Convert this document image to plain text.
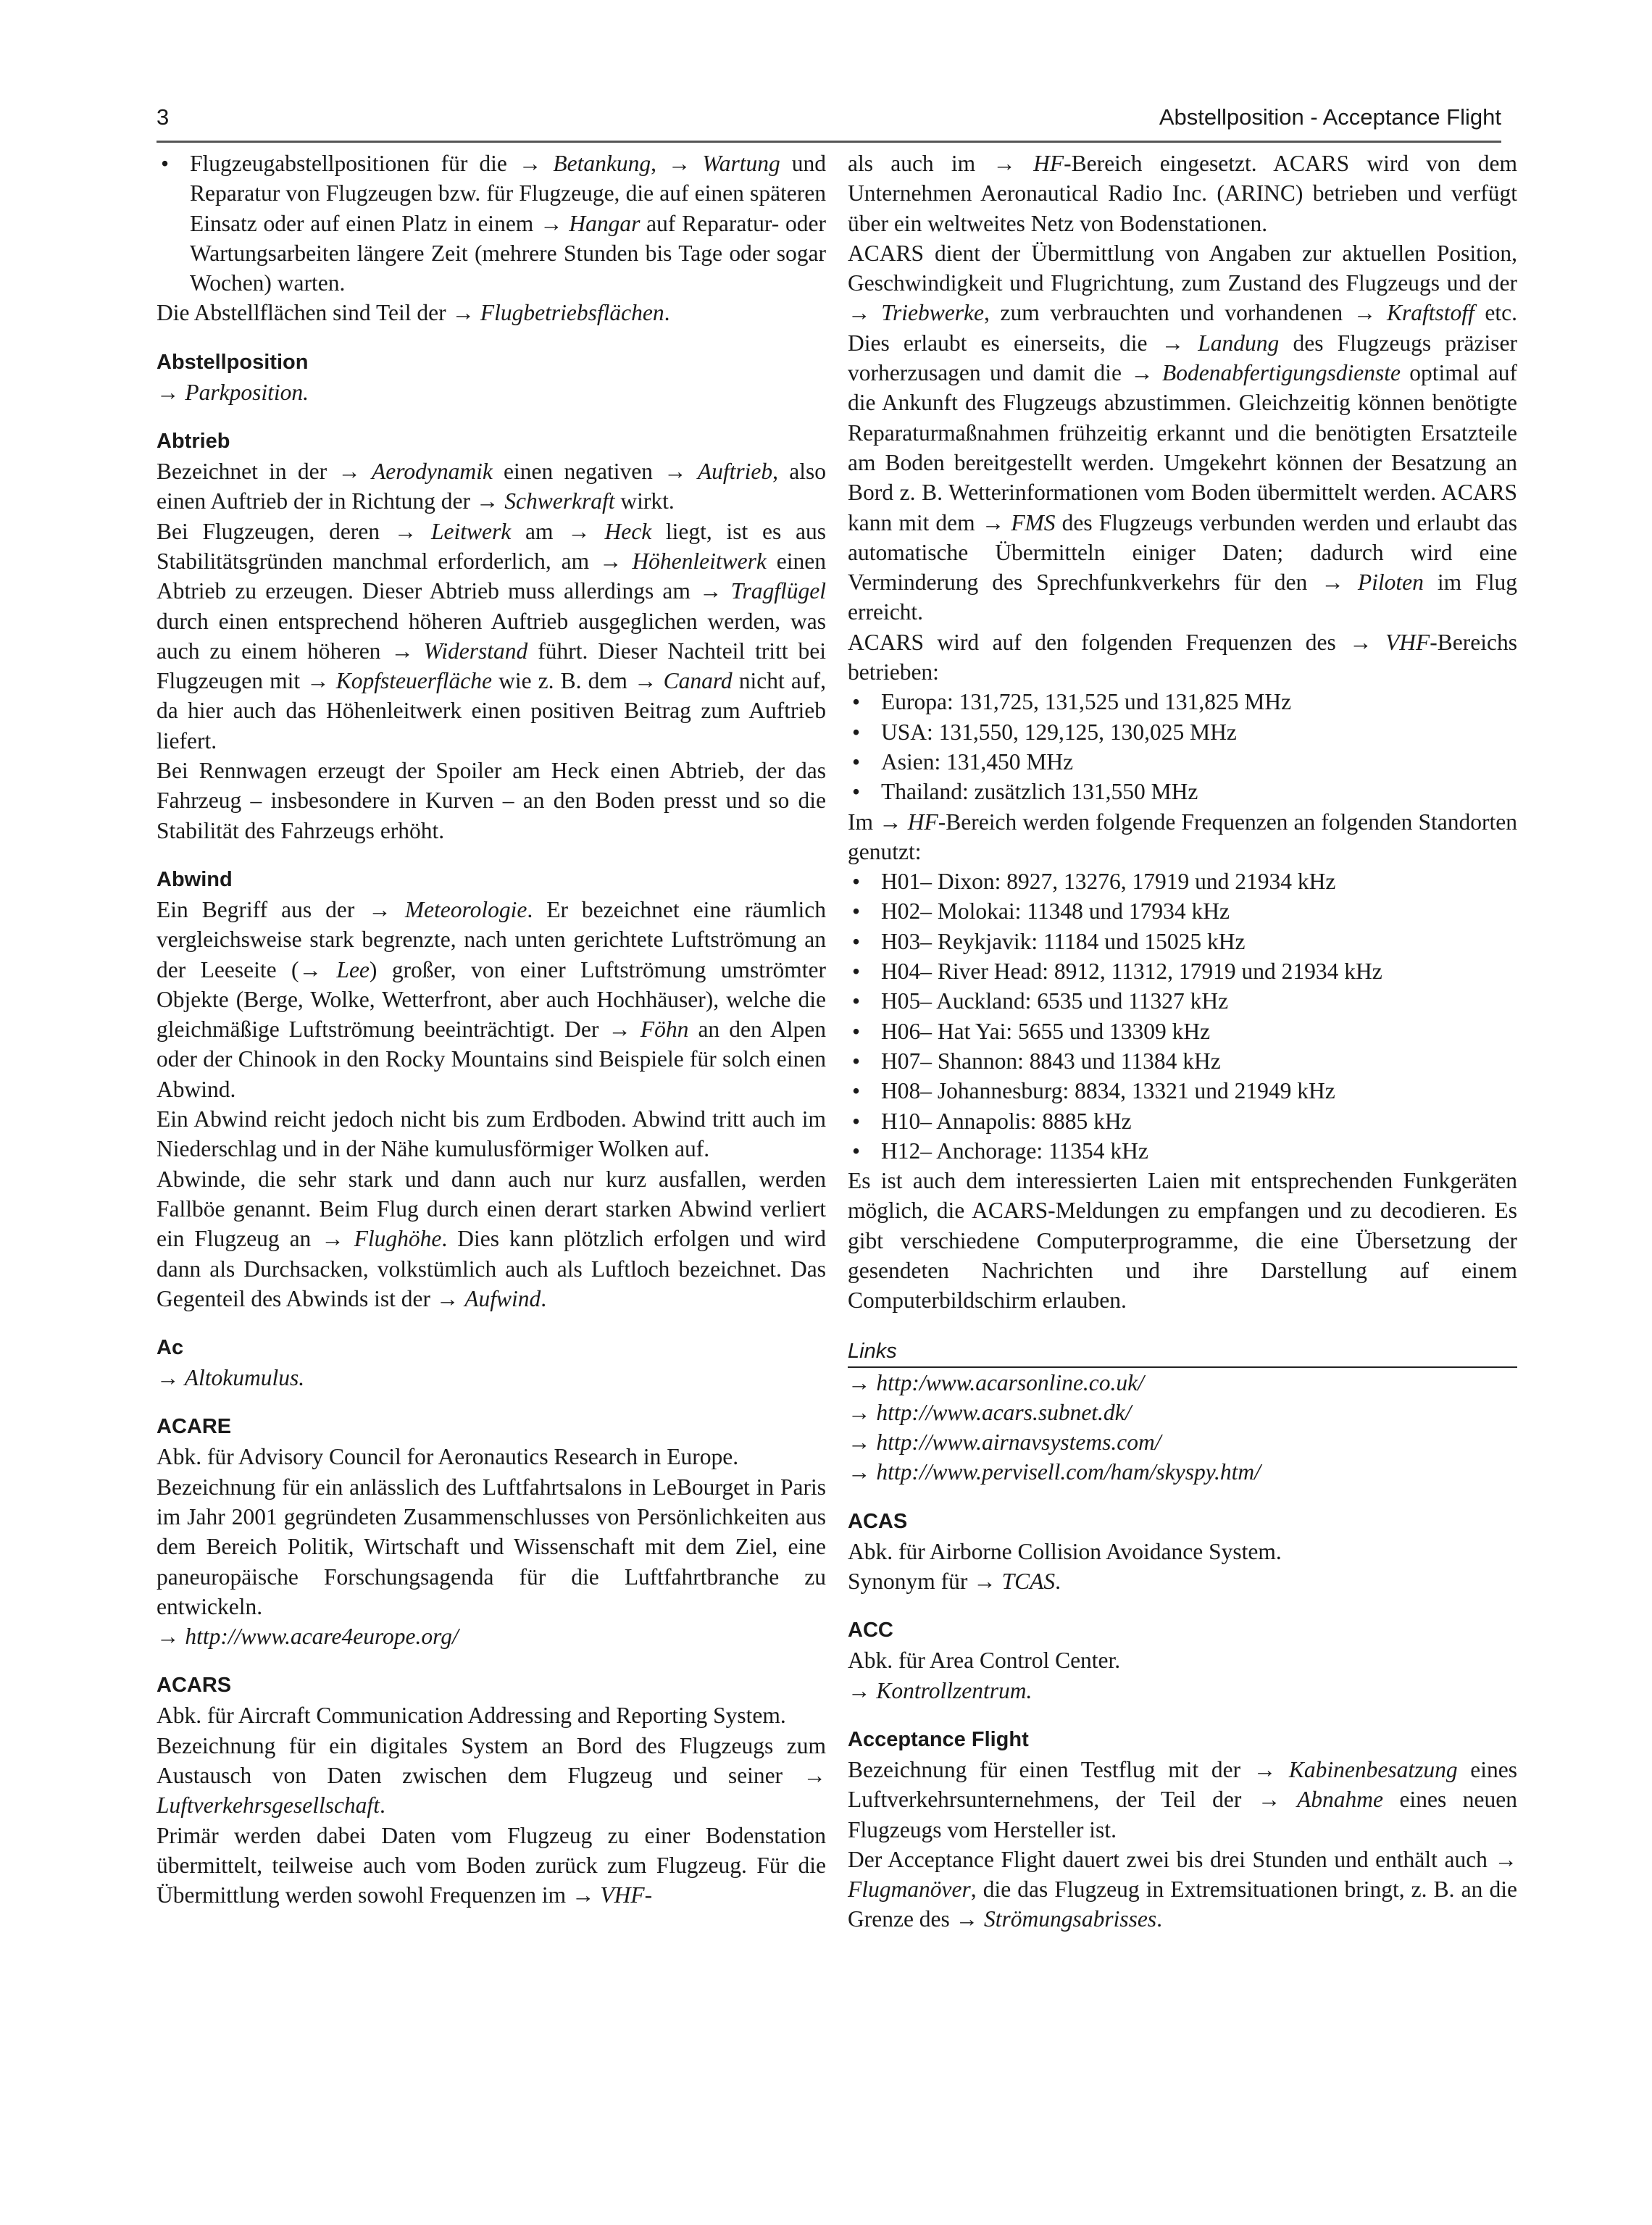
3	Abstellposition - Acceptance Flight

• Flugzeugabstellpositionen für die → Betankung, → Wartung und Reparatur von Flugzeugen bzw. für Flugzeuge, die auf einen späteren Einsatz oder auf einen Platz in einem → Hangar auf Reparatur- oder Wartungsarbeiten längere Zeit (mehrere Stunden bis Tage oder sogar Wochen) warten.

Die Abstellflächen sind Teil der → Flugbetriebsflächen.

Abstellposition

→ Parkposition.

Abtrieb

Bezeichnet in der → Aerodynamik einen negativen → Auftrieb, also einen Auftrieb der in Richtung der → Schwerkraft wirkt.

Bei Flugzeugen, deren → Leitwerk am → Heck liegt, ist es aus Stabilitätsgründen manchmal erforderlich, am → Höhenleitwerk einen Abtrieb zu erzeugen. Dieser Abtrieb muss allerdings am → Tragflügel durch einen entsprechend höheren Auftrieb ausgeglichen werden, was auch zu einem höheren → Widerstand führt. Dieser Nachteil tritt bei Flugzeugen mit → Kopfsteuerfläche wie z. B. dem → Canard nicht auf, da hier auch das Höhenleitwerk einen positiven Beitrag zum Auftrieb liefert.

Bei Rennwagen erzeugt der Spoiler am Heck einen Abtrieb, der das Fahrzeug – insbesondere in Kurven – an den Boden presst und so die Stabilität des Fahrzeugs erhöht.

Abwind

Ein Begriff aus der → Meteorologie. Er bezeichnet eine räumlich vergleichsweise stark begrenzte, nach unten gerichtete Luftströmung an der Leeseite (→ Lee) großer, von einer Luftströmung umströmter Objekte (Berge, Wolke, Wetterfront, aber auch Hochhäuser), welche die gleichmäßige Luftströmung beeinträchtigt. Der → Föhn an den Alpen oder der Chinook in den Rocky Mountains sind Beispiele für solch einen Abwind.

Ein Abwind reicht jedoch nicht bis zum Erdboden. Abwind tritt auch im Niederschlag und in der Nähe kumulusförmiger Wolken auf.

Abwinde, die sehr stark und dann auch nur kurz ausfallen, werden Fallböe genannt. Beim Flug durch einen derart starken Abwind verliert ein Flugzeug an → Flughöhe. Dies kann plötzlich erfolgen und wird dann als Durchsacken, volkstümlich auch als Luftloch bezeichnet. Das Gegenteil des Abwinds ist der → Aufwind.

Ac

→ Altokumulus.

ACARE

Abk. für Advisory Council for Aeronautics Research in Europe.

Bezeichnung für ein anlässlich des Luftfahrtsalons in LeBourget in Paris im Jahr 2001 gegründeten Zusammenschlusses von Persönlichkeiten aus dem Bereich Politik, Wirtschaft und Wissenschaft mit dem Ziel, eine paneuropäische Forschungsagenda für die Luftfahrtbranche zu entwickeln.

→ http://www.acare4europe.org/

ACARS

Abk. für Aircraft Communication Addressing and Reporting System.

Bezeichnung für ein digitales System an Bord des Flugzeugs zum Austausch von Daten zwischen dem Flugzeug und seiner → Luftverkehrsgesellschaft.

Primär werden dabei Daten vom Flugzeug zu einer Bodenstation übermittelt, teilweise auch vom Boden zurück zum Flugzeug. Für die Übermittlung werden sowohl Frequenzen im → VHF-

als auch im → HF-Bereich eingesetzt. ACARS wird von dem Unternehmen Aeronautical Radio Inc. (ARINC) betrieben und verfügt über ein weltweites Netz von Bodenstationen.

ACARS dient der Übermittlung von Angaben zur aktuellen Position, Geschwindigkeit und Flugrichtung, zum Zustand des Flugzeugs und der → Triebwerke, zum verbrauchten und vorhandenen → Kraftstoff etc. Dies erlaubt es einerseits, die → Landung des Flugzeugs präziser vorherzusagen und damit die → Bodenabfertigungsdienste optimal auf die Ankunft des Flugzeugs abzustimmen. Gleichzeitig können benötigte Reparaturmaßnahmen frühzeitig erkannt und die benötigten Ersatzteile am Boden bereitgestellt werden. Umgekehrt können der Besatzung an Bord z. B. Wetterinformationen vom Boden übermittelt werden. ACARS kann mit dem → FMS des Flugzeugs verbunden werden und erlaubt das automatische Übermitteln einiger Daten; dadurch wird eine Verminderung des Sprechfunkverkehrs für den → Piloten im Flug erreicht.

ACARS wird auf den folgenden Frequenzen des → VHF-Bereichs betrieben:

• Europa: 131,725, 131,525 und 131,825 MHz

• USA: 131,550, 129,125, 130,025 MHz

• Asien: 131,450 MHz

• Thailand: zusätzlich 131,550 MHz

Im → HF-Bereich werden folgende Frequenzen an folgenden Standorten genutzt:

• H01– Dixon: 8927, 13276, 17919 und 21934 kHz

• H02– Molokai: 11348 und 17934 kHz

• H03– Reykjavik: 11184 und 15025 kHz

• H04– River Head: 8912, 11312, 17919 und 21934 kHz

• H05– Auckland: 6535 und 11327 kHz

• H06– Hat Yai: 5655 und 13309 kHz

• H07– Shannon: 8843 und 11384 kHz

• H08– Johannesburg: 8834, 13321 und 21949 kHz

• H10– Annapolis: 8885 kHz

• H12– Anchorage: 11354 kHz

Es ist auch dem interessierten Laien mit entsprechenden Funkgeräten möglich, die ACARS-Meldungen zu empfangen und zu decodieren. Es gibt verschiedene Computerprogramme, die eine Übersetzung der gesendeten Nachrichten und ihre Darstellung auf einem Computerbildschirm erlauben.

Links

→ http:/www.acarsonline.co.uk/

→ http://www.acars.subnet.dk/

→ http://www.airnavsystems.com/

→ http://www.pervisell.com/ham/skyspy.htm/

ACAS

Abk. für Airborne Collision Avoidance System.

Synonym für → TCAS.

ACC

Abk. für Area Control Center.

→ Kontrollzentrum.

Acceptance Flight

Bezeichnung für einen Testflug mit der → Kabinenbesatzung eines Luftverkehrsunternehmens, der Teil der → Abnahme eines neuen Flugzeugs vom Hersteller ist.

Der Acceptance Flight dauert zwei bis drei Stunden und enthält auch → Flugmanöver, die das Flugzeug in Extremsituationen bringt, z. B. an die Grenze des → Strömungsabrisses.
